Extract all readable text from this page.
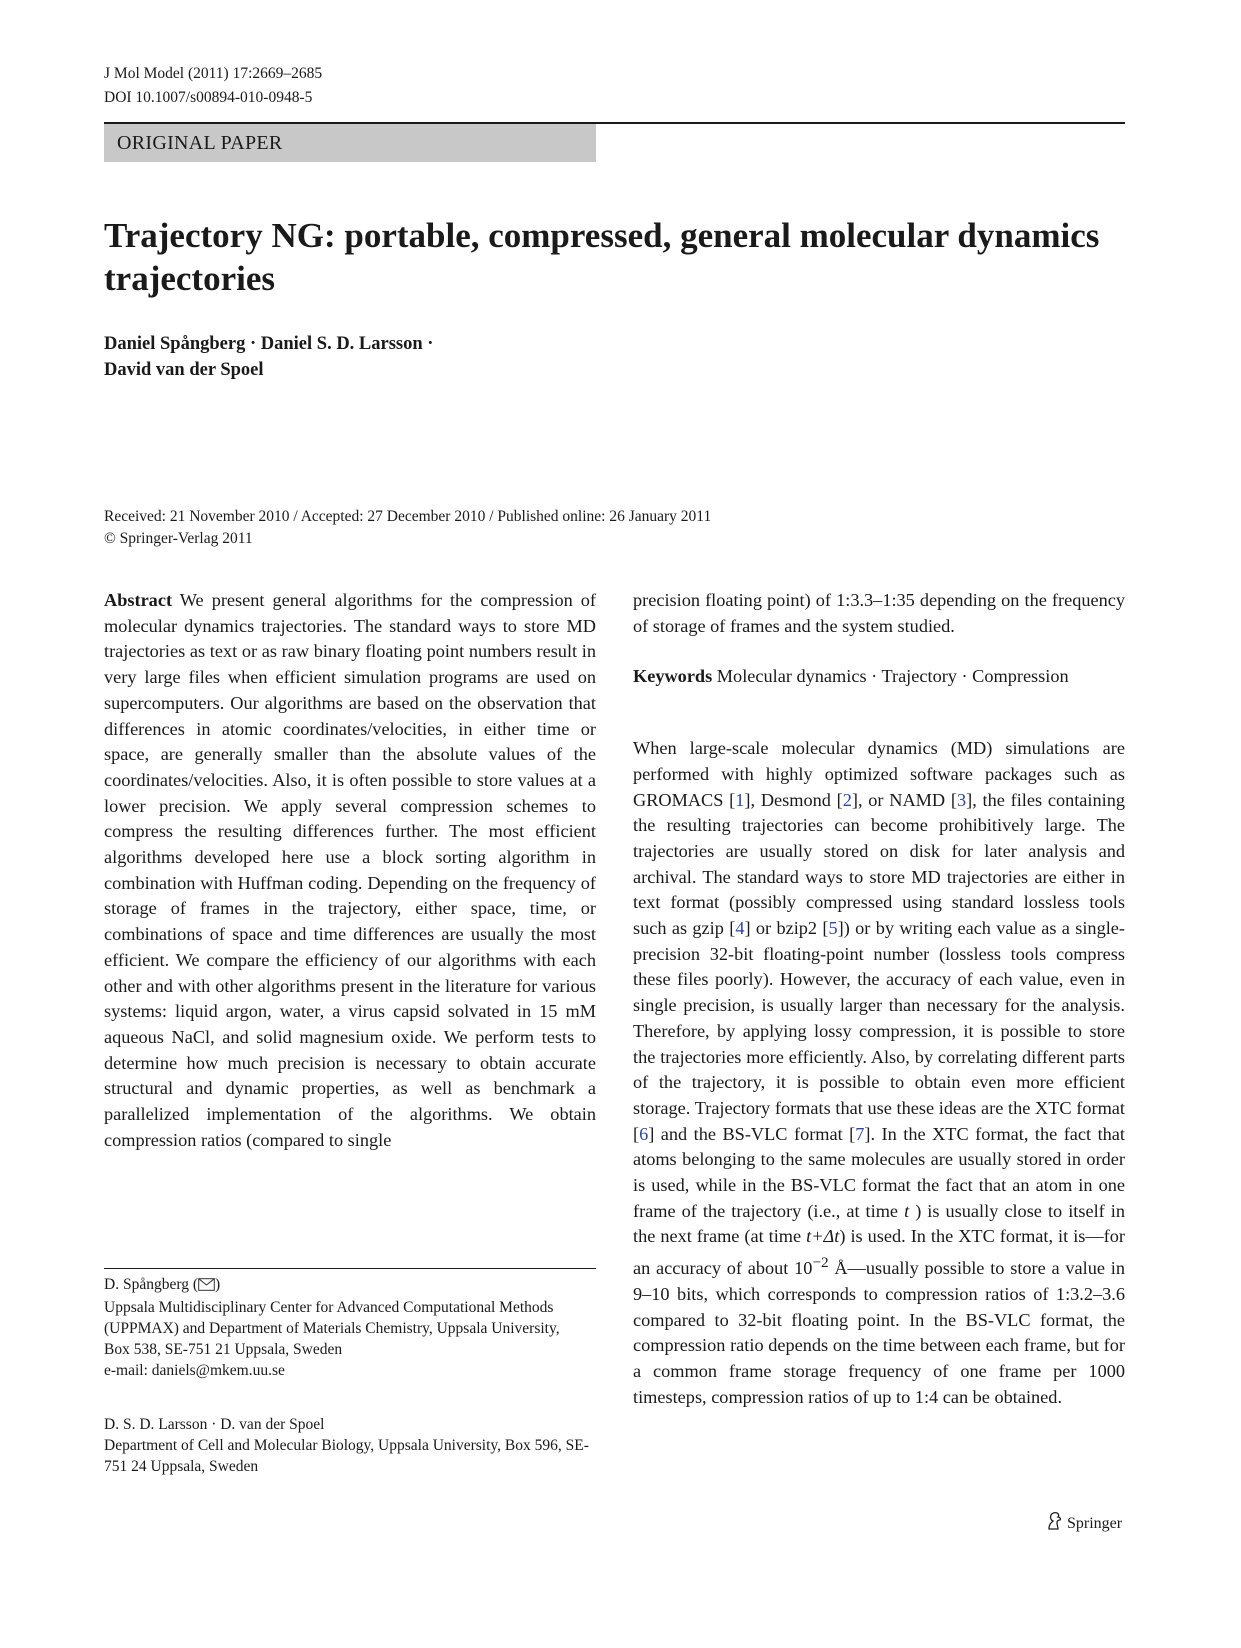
J Mol Model (2011) 17:2669–2685
DOI 10.1007/s00894-010-0948-5
ORIGINAL PAPER
Trajectory NG: portable, compressed, general molecular dynamics trajectories
Daniel Spångberg · Daniel S. D. Larsson ·
David van der Spoel
Received: 21 November 2010 / Accepted: 27 December 2010 / Published online: 26 January 2011
© Springer-Verlag 2011

Abstract We present general algorithms for the compression of molecular dynamics trajectories. The standard ways to store MD trajectories as text or as raw binary floating point numbers result in very large files when efficient simulation programs are used on supercomputers. Our algorithms are based on the observation that differences in atomic coordinates/velocities, in either time or space, are generally smaller than the absolute values of the coordinates/velocities. Also, it is often possible to store values at a lower precision. We apply several compression schemes to compress the resulting differences further. The most efficient algorithms developed here use a block sorting algorithm in combination with Huffman coding. Depending on the frequency of storage of frames in the trajectory, either space, time, or combinations of space and time differences are usually the most efficient. We compare the efficiency of our algorithms with each other and with other algorithms present in the literature for various systems: liquid argon, water, a virus capsid solvated in 15 mM aqueous NaCl, and solid magnesium oxide. We perform tests to determine how much precision is necessary to obtain accurate structural and dynamic properties, as well as benchmark a parallelized implementation of the algorithms. We obtain compression ratios (compared to single

precision floating point) of 1:3.3–1:35 depending on the frequency of storage of frames and the system studied.

Keywords Molecular dynamics · Trajectory · Compression

When large-scale molecular dynamics (MD) simulations are performed with highly optimized software packages such as GROMACS [1], Desmond [2], or NAMD [3], the files containing the resulting trajectories can become prohibitively large. The trajectories are usually stored on disk for later analysis and archival. The standard ways to store MD trajectories are either in text format (possibly compressed using standard lossless tools such as gzip [4] or bzip2 [5]) or by writing each value as a single-precision 32-bit floating-point number (lossless tools compress these files poorly). However, the accuracy of each value, even in single precision, is usually larger than necessary for the analysis. Therefore, by applying lossy compression, it is possible to store the trajectories more efficiently. Also, by correlating different parts of the trajectory, it is possible to obtain even more efficient storage. Trajectory formats that use these ideas are the XTC format [6] and the BS-VLC format [7]. In the XTC format, the fact that atoms belonging to the same molecules are usually stored in order is used, while in the BS-VLC format the fact that an atom in one frame of the trajectory (i.e., at time t ) is usually close to itself in the next frame (at time t+Δt) is used. In the XTC format, it is—for an accuracy of about $10^{-2}$ Å—usually possible to store a value in 9–10 bits, which corresponds to compression ratios of 1:3.2–3.6 compared to 32-bit floating point. In the BS-VLC format, the compression ratio depends on the time between each frame, but for a common frame storage frequency of one frame per 1000 timesteps, compression ratios of up to 1:4 can be obtained.

D. Spångberg ( )
Uppsala Multidisciplinary Center for Advanced Computational Methods (UPPMAX) and Department of Materials Chemistry, Uppsala University,
Box 538, SE-751 21 Uppsala, Sweden
e-mail: daniels@mkem.uu.se
D. S. D. Larsson · D. van der Spoel
Department of Cell and Molecular Biology, Uppsala University, Box 596, SE-751 24 Uppsala, Sweden
Springer
